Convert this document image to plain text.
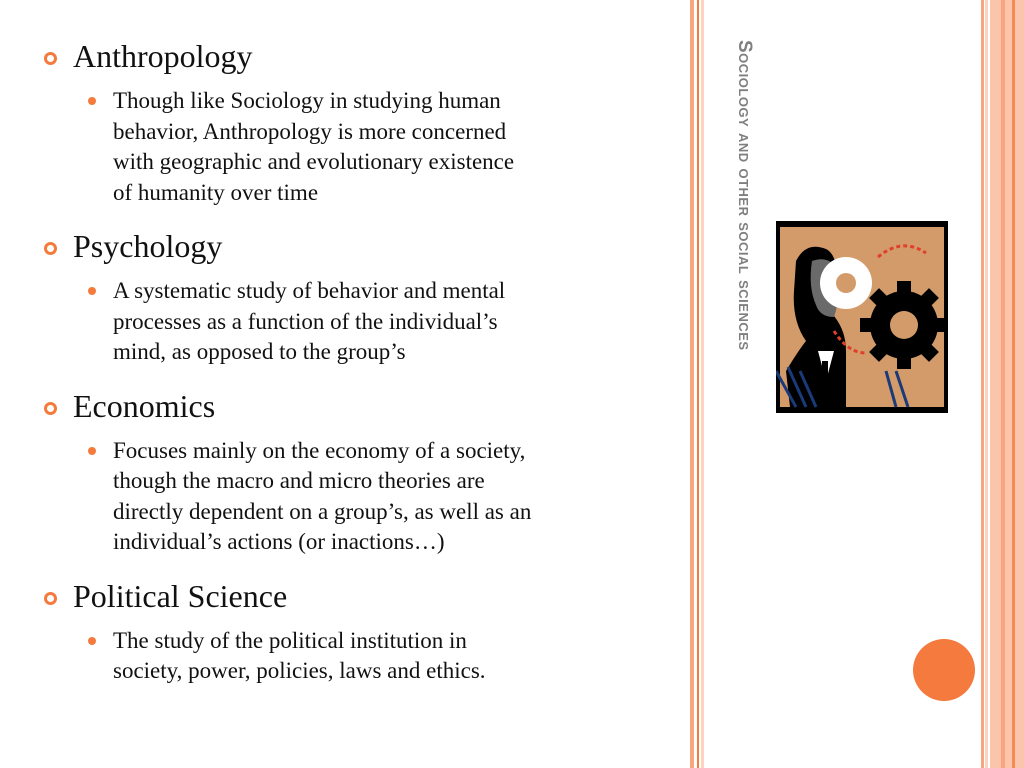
Anthropology
Though like Sociology in studying human
behavior, Anthropology is more concerned
with geographic and evolutionary existence
of humanity over time
Psychology
A systematic study of behavior and mental
processes as a function of the individual’s
mind, as opposed to the group’s
Economics
Focuses mainly on the economy of a society,
though the macro and micro theories are
directly dependent on a group’s, as well as an
individual’s actions (or inactions…)
Political Science
The study of the political institution in
society, power, policies, laws and ethics.
Sociology and other social sciences
